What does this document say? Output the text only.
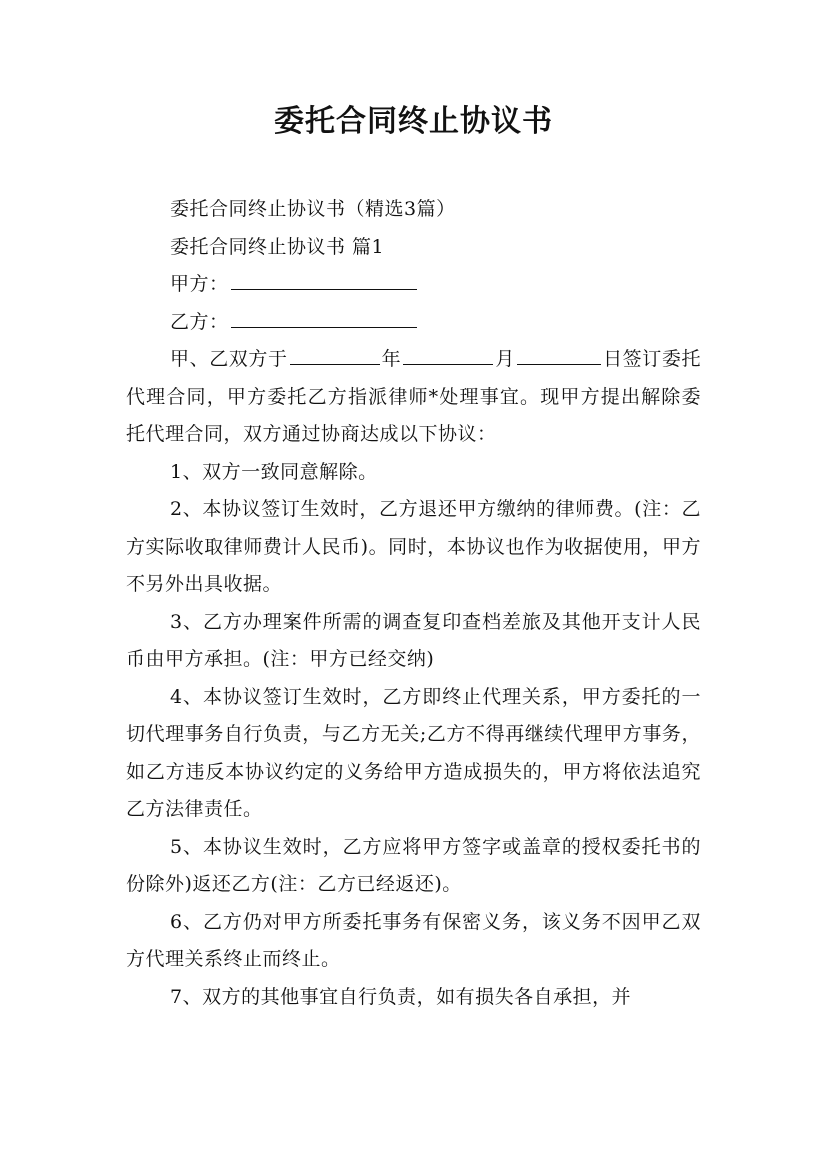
委托合同终止协议书

委托合同终止协议书（精选3篇）

委托合同终止协议书 篇1

甲方：

乙方：

甲、乙双方于	年	月	日签订委托代理合同，甲方委托乙方指派律师*处理事宜。现甲方提出解除委托代理合同，双方通过协商达成以下协议：

1、双方一致同意解除。

2、本协议签订生效时，乙方退还甲方缴纳的律师费。(注：乙方实际收取律师费计人民币)。同时，本协议也作为收据使用，甲方不另外出具收据。

3、乙方办理案件所需的调查复印查档差旅及其他开支计人民币由甲方承担。(注：甲方已经交纳)

4、本协议签订生效时，乙方即终止代理关系，甲方委托的一切代理事务自行负责，与乙方无关;乙方不得再继续代理甲方事务，如乙方违反本协议约定的义务给甲方造成损失的，甲方将依法追究乙方法律责任。

5、本协议生效时，乙方应将甲方签字或盖章的授权委托书的份除外)返还乙方(注：乙方已经返还)。

6、乙方仍对甲方所委托事务有保密义务，该义务不因甲乙双方代理关系终止而终止。

7、双方的其他事宜自行负责，如有损失各自承担，并
